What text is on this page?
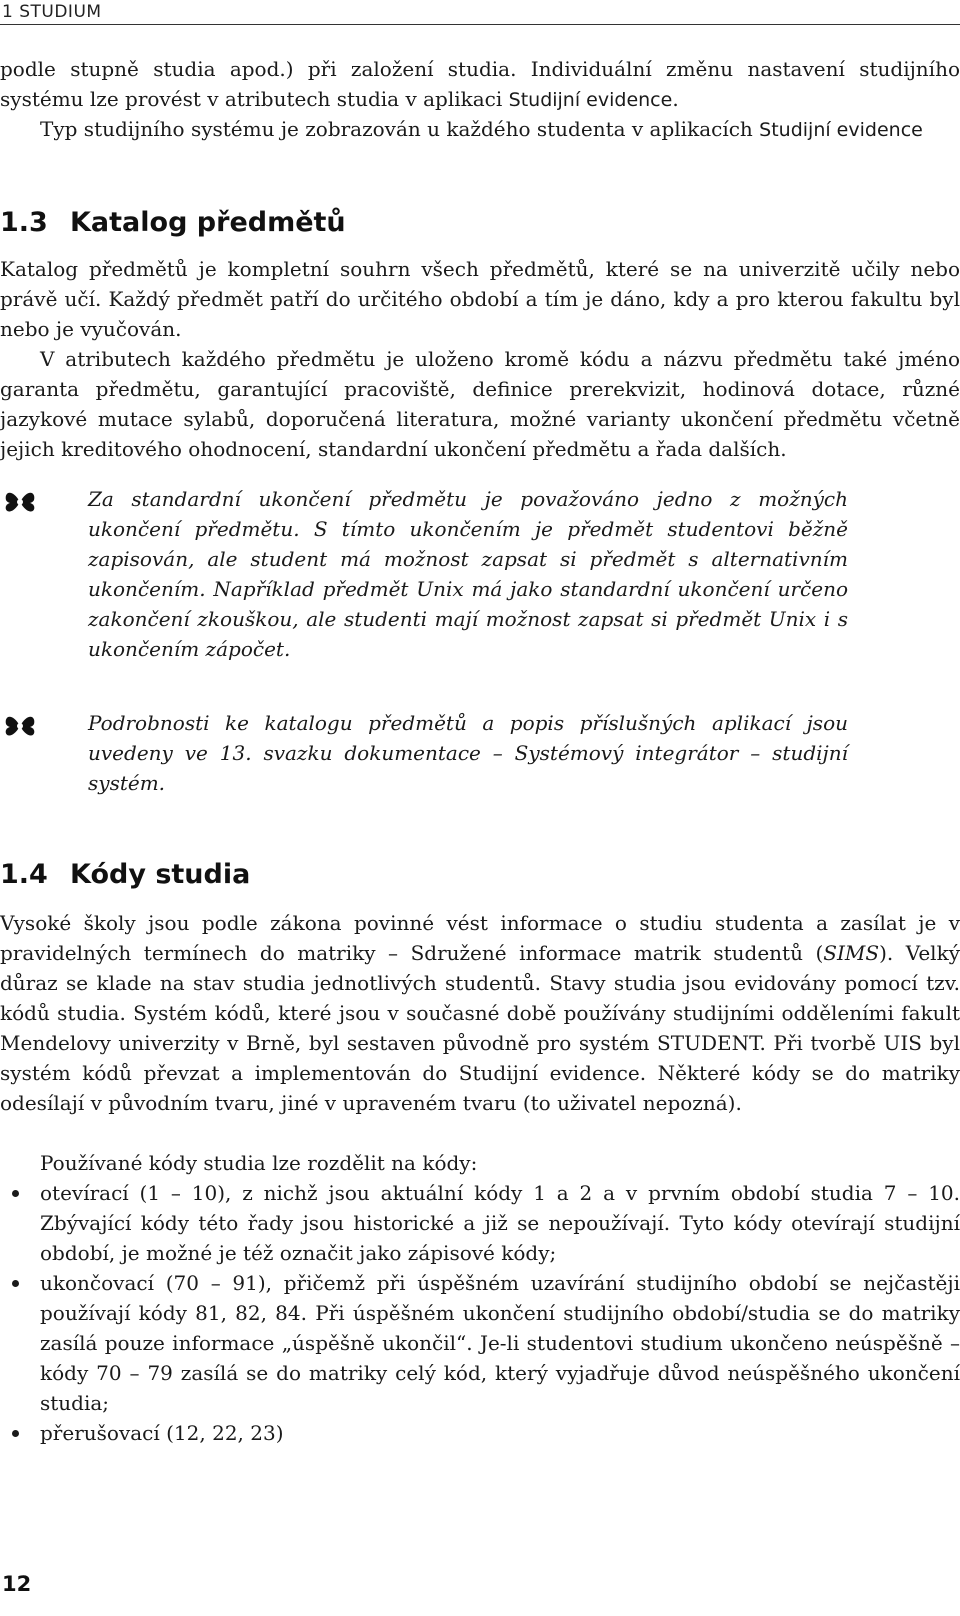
1 STUDIUM

podle stupně studia apod.) při založení studia. Individuální změnu nastavení studijního systému lze provést v atributech studia v aplikaci Studijní evidence.

Typ studijního systému je zobrazován u každého studenta v aplikacích Studijní evidence

1.3 Katalog předmětů

Katalog předmětů je kompletní souhrn všech předmětů, které se na univerzitě učily nebo právě učí. Každý předmět patří do určitého období a tím je dáno, kdy a pro kterou fakultu byl nebo je vyučován.

V atributech každého předmětu je uloženo kromě kódu a názvu předmětu také jméno garanta předmětu, garantující pracoviště, definice prerekvizit, hodinová dotace, různé jazykové mutace sylabů, doporučená literatura, možné varianty ukončení předmětu včetně jejich kreditového ohodnocení, standardní ukončení předmětu a řada dalších.

Za standardní ukončení předmětu je považováno jedno z možných ukončení předmětu. S tímto ukončením je předmět studentovi běžně zapisován, ale student má možnost zapsat si předmět s alternativním ukončením. Například předmět Unix má jako standardní ukončení určeno zakončení zkouškou, ale studenti mají možnost zapsat si předmět Unix i s ukončením zápočet.

Podrobnosti ke katalogu předmětů a popis příslušných aplikací jsou uvedeny ve 13. svazku dokumentace – Systémový integrátor – studijní systém.

1.4 Kódy studia

Vysoké školy jsou podle zákona povinné vést informace o studiu studenta a zasílat je v pravidelných termínech do matriky – Sdružené informace matrik studentů (SIMS). Velký důraz se klade na stav studia jednotlivých studentů. Stavy studia jsou evidovány pomocí tzv. kódů studia. Systém kódů, které jsou v současné době používány studijními odděleními fakult Mendelovy univerzity v Brně, byl sestaven původně pro systém STUDENT. Při tvorbě UIS byl systém kódů převzat a implementován do Studijní evidence. Některé kódy se do matriky odesílají v původním tvaru, jiné v upraveném tvaru (to uživatel nepozná).

Používané kódy studia lze rozdělit na kódy:

otevírací (1 – 10), z nichž jsou aktuální kódy 1 a 2 a v prvním období studia 7 – 10. Zbývající kódy této řady jsou historické a již se nepoužívají. Tyto kódy otevírají studijní období, je možné je též označit jako zápisové kódy;
ukončovací (70 – 91), přičemž při úspěšném uzavírání studijního období se nejčastěji používají kódy 81, 82, 84. Při úspěšném ukončení studijního období/studia se do matriky zasílá pouze informace „úspěšně ukončil“. Je-li studentovi studium ukončeno neúspěšně – kódy 70 – 79 zasílá se do matriky celý kód, který vyjadřuje důvod neúspěšného ukončení studia;
přerušovací (12, 22, 23)
12
